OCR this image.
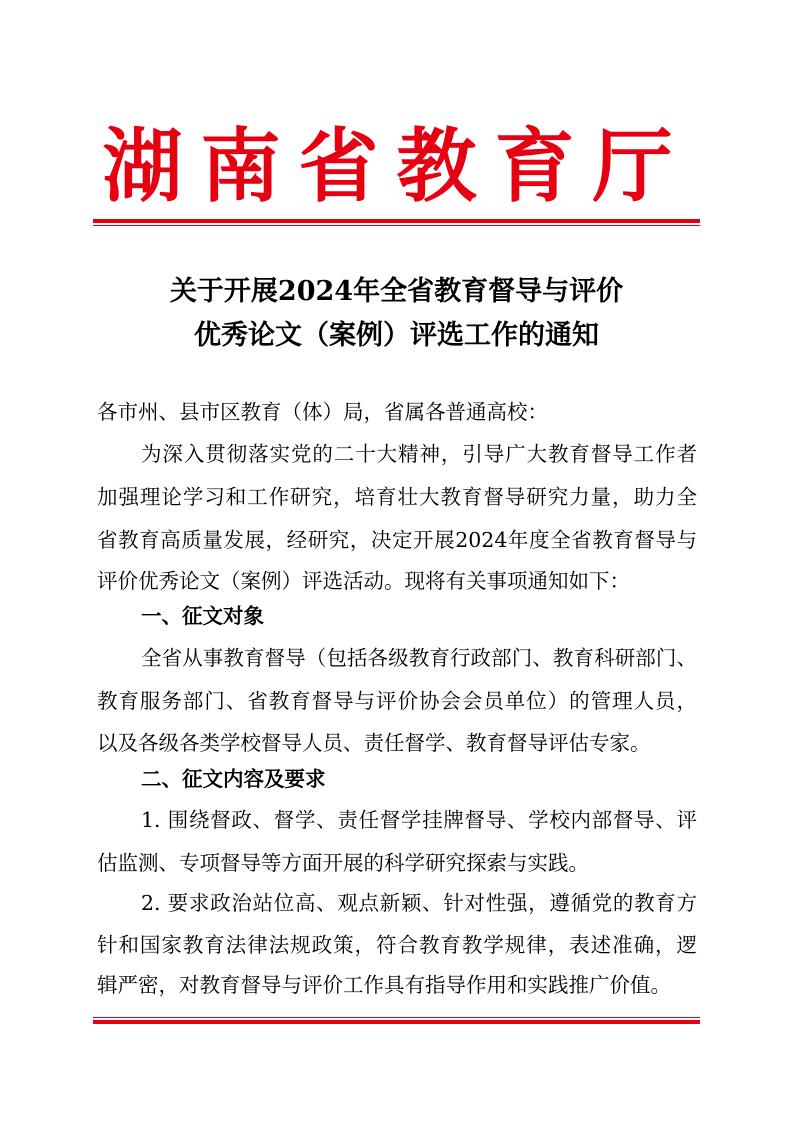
湖南省教育厅
关于开展2024年全省教育督导与评价
优秀论文（案例）评选工作的通知
各市州、县市区教育（体）局，省属各普通高校：
为深入贯彻落实党的二十大精神，引导广大教育督导工作者
加强理论学习和工作研究，培育壮大教育督导研究力量，助力全
省教育高质量发展，经研究，决定开展2024年度全省教育督导与
评价优秀论文（案例）评选活动。现将有关事项通知如下：
一、征文对象
全省从事教育督导（包括各级教育行政部门、教育科研部门、
教育服务部门、省教育督导与评价协会会员单位）的管理人员，
以及各级各类学校督导人员、责任督学、教育督导评估专家。
二、征文内容及要求
1. 围绕督政、督学、责任督学挂牌督导、学校内部督导、评
估监测、专项督导等方面开展的科学研究探索与实践。
2. 要求政治站位高、观点新颖、针对性强，遵循党的教育方
针和国家教育法律法规政策，符合教育教学规律，表述准确，逻
辑严密，对教育督导与评价工作具有指导作用和实践推广价值。
